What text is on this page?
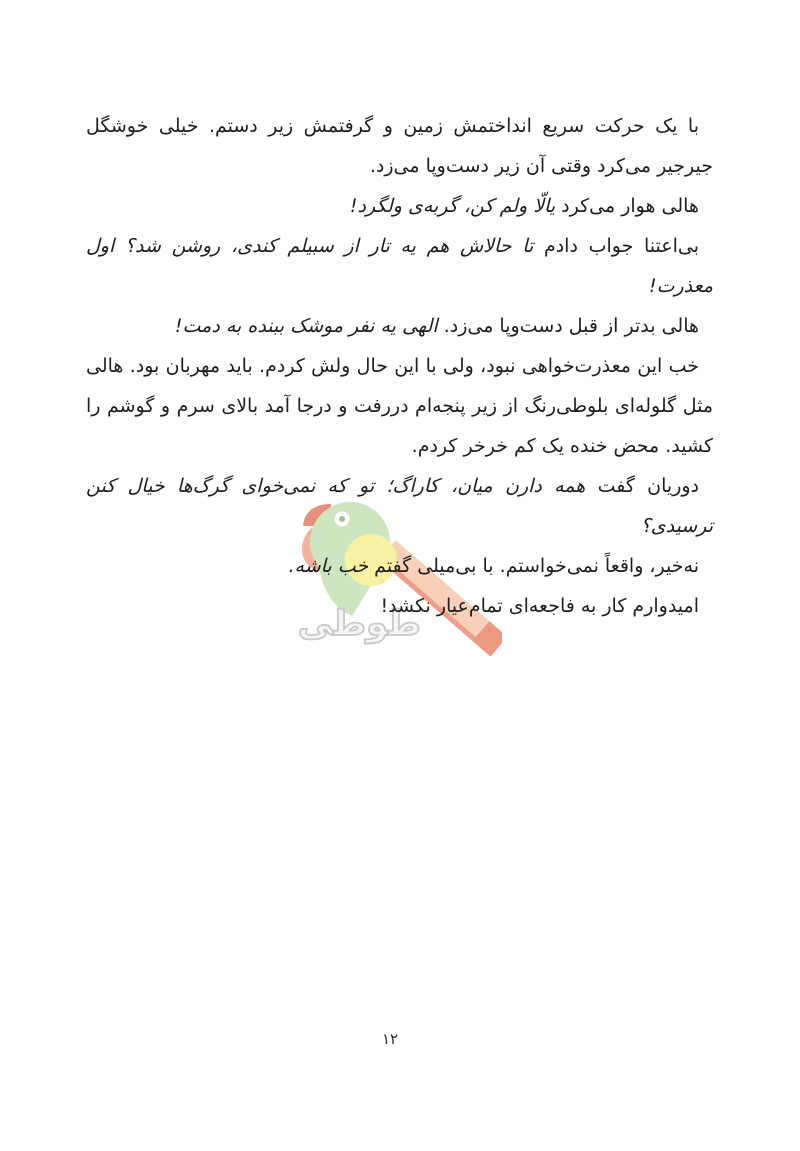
طوطی

با یک حرکت سریع انداختمش زمین و گرفتمش زیر دستم. خیلی خوشگل جیرجیر می‌کرد وقتی آن زیر دست‌وپا می‌زد.

هالی هوار می‌کرد یالّا ولم کن، گربه‌ی ولگرد!

بی‌اعتنا جواب دادم تا حالاش هم یه تار از سبیلم کندی، روشن شد؟ اول معذرت!

هالی بدتر از قبل دست‌وپا می‌زد. الهی یه نفر موشک ببنده به دمت!

خب این معذرت‌خواهی نبود، ولی با این حال ولش کردم. باید مهربان بود. هالی مثل گلوله‌ای بلوطی‌رنگ از زیر پنجه‌ام دررفت و درجا آمد بالای سرم و گوشم را کشید. محض خنده یک کم خرخر کردم.

دوریان گفت همه دارن میان، کاراگ؛ تو که نمی‌خوای گرگ‌ها خیال کنن ترسیدی؟

نه‌خیر، واقعاً نمی‌خواستم. با بی‌میلی گفتم خب باشه.

امیدوارم کار به فاجعه‌ای تمام‌عیار نکشد!

۱۲
